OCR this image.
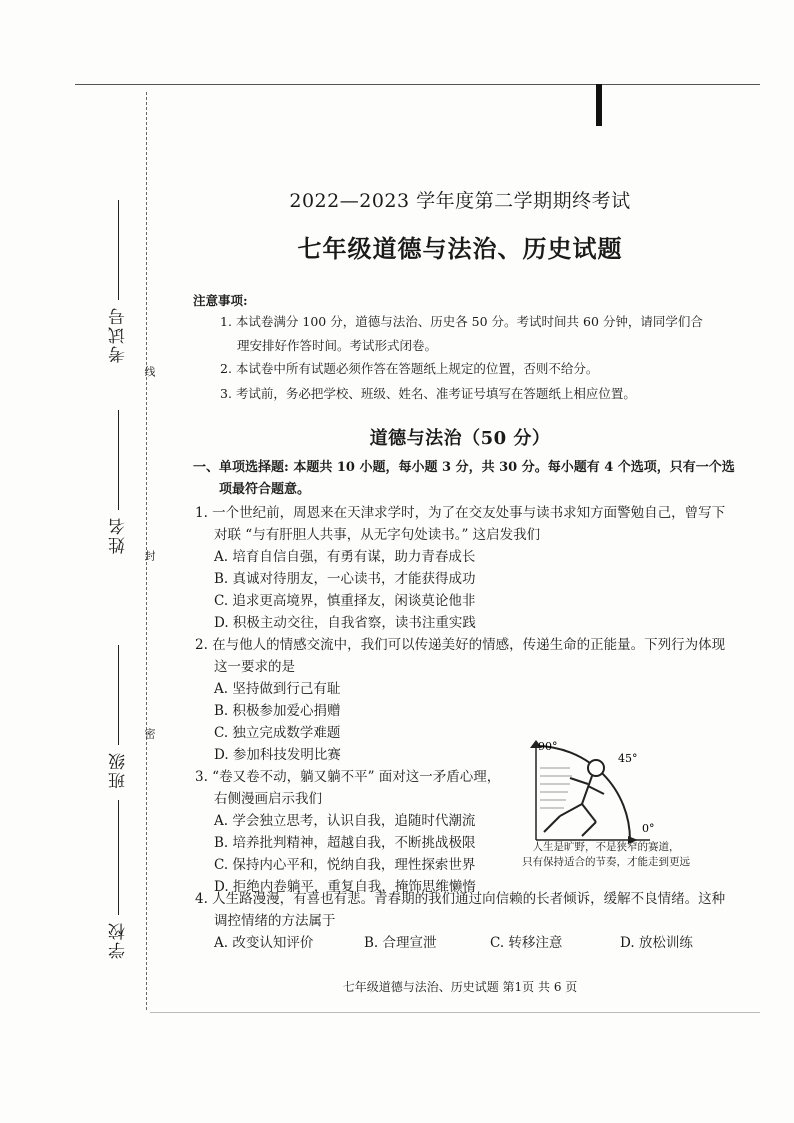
考试号
姓名
班级
学校
线
封
密
2022—2023 学年度第二学期期终考试
七年级道德与法治、历史试题
注意事项:
1. 本试卷满分 100 分，道德与法治、历史各 50 分。考试时间共 60 分钟，请同学们合
理安排好作答时间。考试形式闭卷。
2. 本试卷中所有试题必须作答在答题纸上规定的位置，否则不给分。
3. 考试前，务必把学校、班级、姓名、准考证号填写在答题纸上相应位置。
道德与法治（50 分）
一、单项选择题: 本题共 10 小题，每小题 3 分，共 30 分。每小题有 4 个选项，只有一个选
项最符合题意。
1. 一个世纪前，周恩来在天津求学时，为了在交友处事与读书求知方面警勉自己，曾写下
对联 “与有肝胆人共事，从无字句处读书。” 这启发我们
A. 培育自信自强，有勇有谋，助力青春成长
B. 真诚对待朋友，一心读书，才能获得成功
C. 追求更高境界，慎重择友，闲谈莫论他非
D. 积极主动交往，自我省察，读书注重实践
2. 在与他人的情感交流中，我们可以传递美好的情感，传递生命的正能量。下列行为体现
这一要求的是
A. 坚持做到行己有耻
B. 积极参加爱心捐赠
C. 独立完成数学难题
D. 参加科技发明比赛
3. “卷又卷不动，躺又躺不平” 面对这一矛盾心理，
右侧漫画启示我们
A. 学会独立思考，认识自我，追随时代潮流
B. 培养批判精神，超越自我，不断挑战极限
C. 保持内心平和，悦纳自我，理性探索世界
D. 拒绝内卷躺平，重复自我，掩饰思维懒惰
90°
45°
0°
人生是旷野，不是狭窄的赛道，
只有保持适合的节奏，才能走到更远
4. 人生路漫漫，有喜也有悲。青春期的我们通过向信赖的长者倾诉，缓解不良情绪。这种
调控情绪的方法属于
A. 改变认知评价	B. 合理宣泄	C. 转移注意	D. 放松训练
七年级道德与法治、历史试题 第1页 共 6 页
